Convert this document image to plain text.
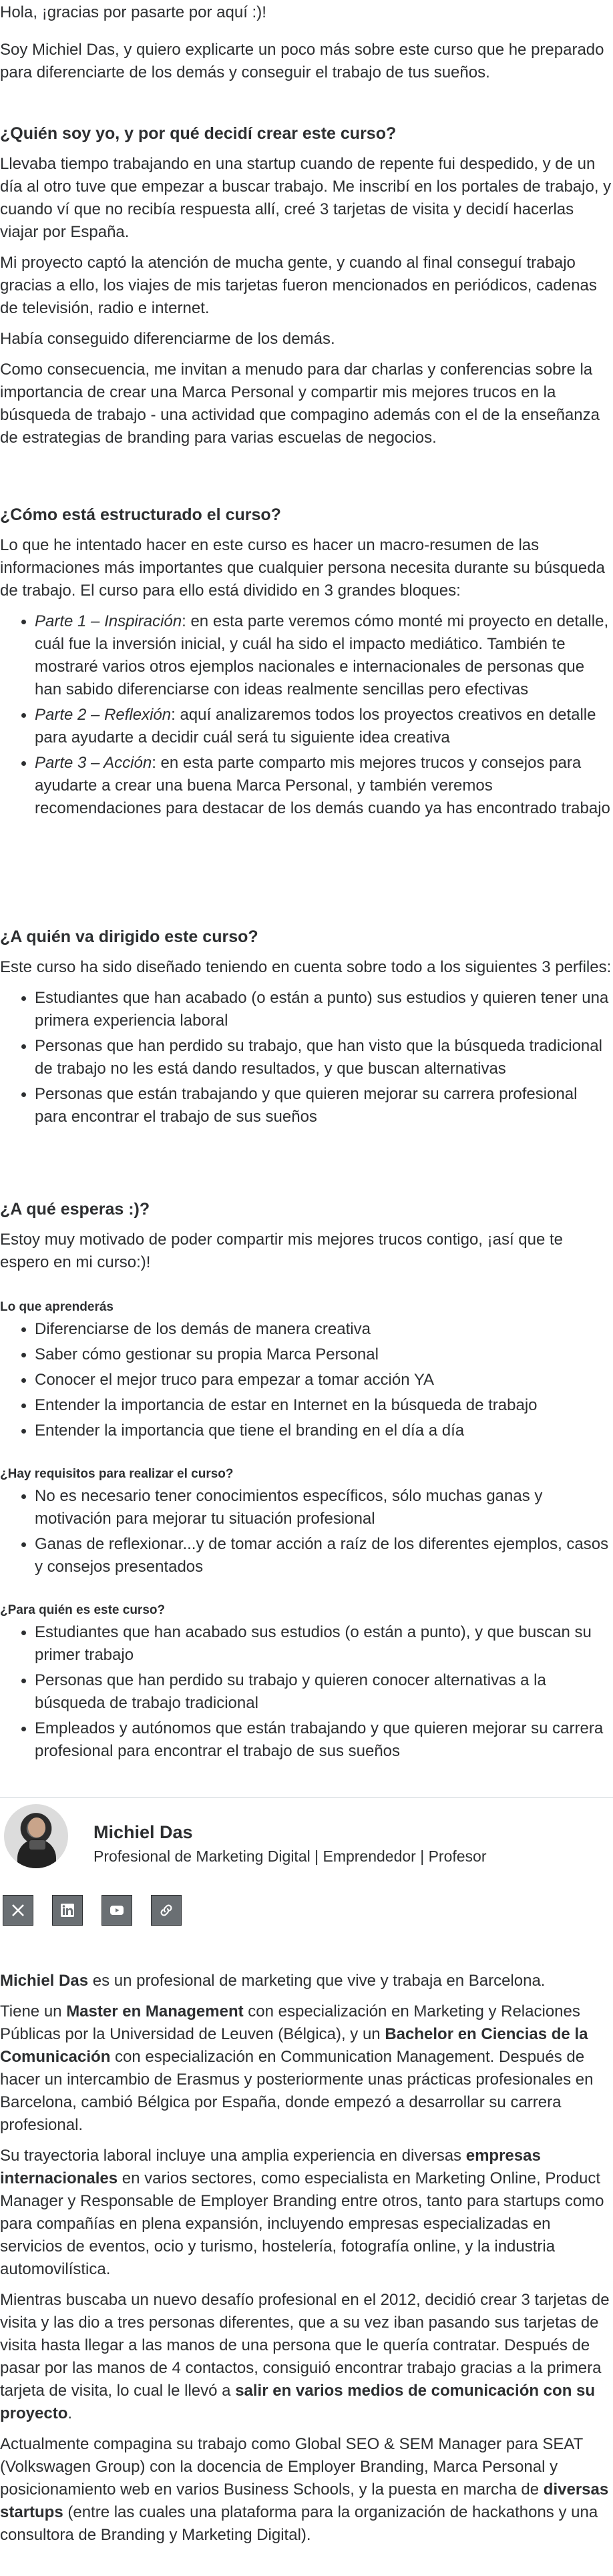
Hola, ¡gracias por pasarte por aquí :)!

Soy Michiel Das, y quiero explicarte un poco más sobre este curso que he preparado para diferenciarte de los demás y conseguir el trabajo de tus sueños.

¿Quién soy yo, y por qué decidí crear este curso?

Llevaba tiempo trabajando en una startup cuando de repente fui despedido, y de un día al otro tuve que empezar a buscar trabajo. Me inscribí en los portales de trabajo, y cuando ví que no recibía respuesta allí, creé 3 tarjetas de visita y decidí hacerlas viajar por España.

Mi proyecto captó la atención de mucha gente, y cuando al final conseguí trabajo gracias a ello, los viajes de mis tarjetas fueron mencionados en periódicos, cadenas de televisión, radio e internet.

Había conseguido diferenciarme de los demás.

Como consecuencia, me invitan a menudo para dar charlas y conferencias sobre la importancia de crear una Marca Personal y compartir mis mejores trucos en la búsqueda de trabajo - una actividad que compagino además con el de la enseñanza de estrategias de branding para varias escuelas de negocios.

¿Cómo está estructurado el curso?

Lo que he intentado hacer en este curso es hacer un macro-resumen de las informaciones más importantes que cualquier persona necesita durante su búsqueda de trabajo. El curso para ello está dividido en 3 grandes bloques:

• Parte 1 – Inspiración: en esta parte veremos cómo monté mi proyecto en detalle, cuál fue la inversión inicial, y cuál ha sido el impacto mediático. También te mostraré varios otros ejemplos nacionales e internacionales de personas que han sabido diferenciarse con ideas realmente sencillas pero efectivas
• Parte 2 – Reflexión: aquí analizaremos todos los proyectos creativos en detalle para ayudarte a decidir cuál será tu siguiente idea creativa
• Parte 3 – Acción: en esta parte comparto mis mejores trucos y consejos para ayudarte a crear una buena Marca Personal, y también veremos recomendaciones para destacar de los demás cuando ya has encontrado trabajo
¿A quién va dirigido este curso?

Este curso ha sido diseñado teniendo en cuenta sobre todo a los siguientes 3 perfiles:

• Estudiantes que han acabado (o están a punto) sus estudios y quieren tener una primera experiencia laboral
• Personas que han perdido su trabajo, que han visto que la búsqueda tradicional de trabajo no les está dando resultados, y que buscan alternativas
• Personas que están trabajando y que quieren mejorar su carrera profesional para encontrar el trabajo de sus sueños
¿A qué esperas :)?

Estoy muy motivado de poder compartir mis mejores trucos contigo, ¡así que te espero en mi curso:)!

Lo que aprenderás
• Diferenciarse de los demás de manera creativa
• Saber cómo gestionar su propia Marca Personal
• Conocer el mejor truco para empezar a tomar acción YA
• Entender la importancia de estar en Internet en la búsqueda de trabajo
• Entender la importancia que tiene el branding en el día a día
¿Hay requisitos para realizar el curso?
• No es necesario tener conocimientos específicos, sólo muchas ganas y motivación para mejorar tu situación profesional
• Ganas de reflexionar...y de tomar acción a raíz de los diferentes ejemplos, casos y consejos presentados
¿Para quién es este curso?
• Estudiantes que han acabado sus estudios (o están a punto), y que buscan su primer trabajo
• Personas que han perdido su trabajo y quieren conocer alternativas a la búsqueda de trabajo tradicional
• Empleados y autónomos que están trabajando y que quieren mejorar su carrera profesional para encontrar el trabajo de sus sueños
Michiel Das
Profesional de Marketing Digital | Emprendedor | Profesor

Michiel Das es un profesional de marketing que vive y trabaja en Barcelona.

Tiene un Master en Management con especialización en Marketing y Relaciones Públicas por la Universidad de Leuven (Bélgica), y un Bachelor en Ciencias de la Comunicación con especialización en Communication Management. Después de hacer un intercambio de Erasmus y posteriormente unas prácticas profesionales en Barcelona, cambió Bélgica por España, donde empezó a desarrollar su carrera profesional.

Su trayectoria laboral incluye una amplia experiencia en diversas empresas internacionales en varios sectores, como especialista en Marketing Online, Product Manager y Responsable de Employer Branding entre otros, tanto para startups como para compañías en plena expansión, incluyendo empresas especializadas en servicios de eventos, ocio y turismo, hostelería, fotografía online, y la industria automovilística.

Mientras buscaba un nuevo desafío profesional en el 2012, decidió crear 3 tarjetas de visita y las dio a tres personas diferentes, que a su vez iban pasando sus tarjetas de visita hasta llegar a las manos de una persona que le quería contratar. Después de pasar por las manos de 4 contactos, consiguió encontrar trabajo gracias a la primera tarjeta de visita, lo cual le llevó a salir en varios medios de comunicación con su proyecto.

Actualmente compagina su trabajo como Global SEO & SEM Manager para SEAT (Volkswagen Group) con la docencia de Employer Branding, Marca Personal y posicionamiento web en varios Business Schools, y la puesta en marcha de diversas startups (entre las cuales una plataforma para la organización de hackathons y una consultora de Branding y Marketing Digital).
